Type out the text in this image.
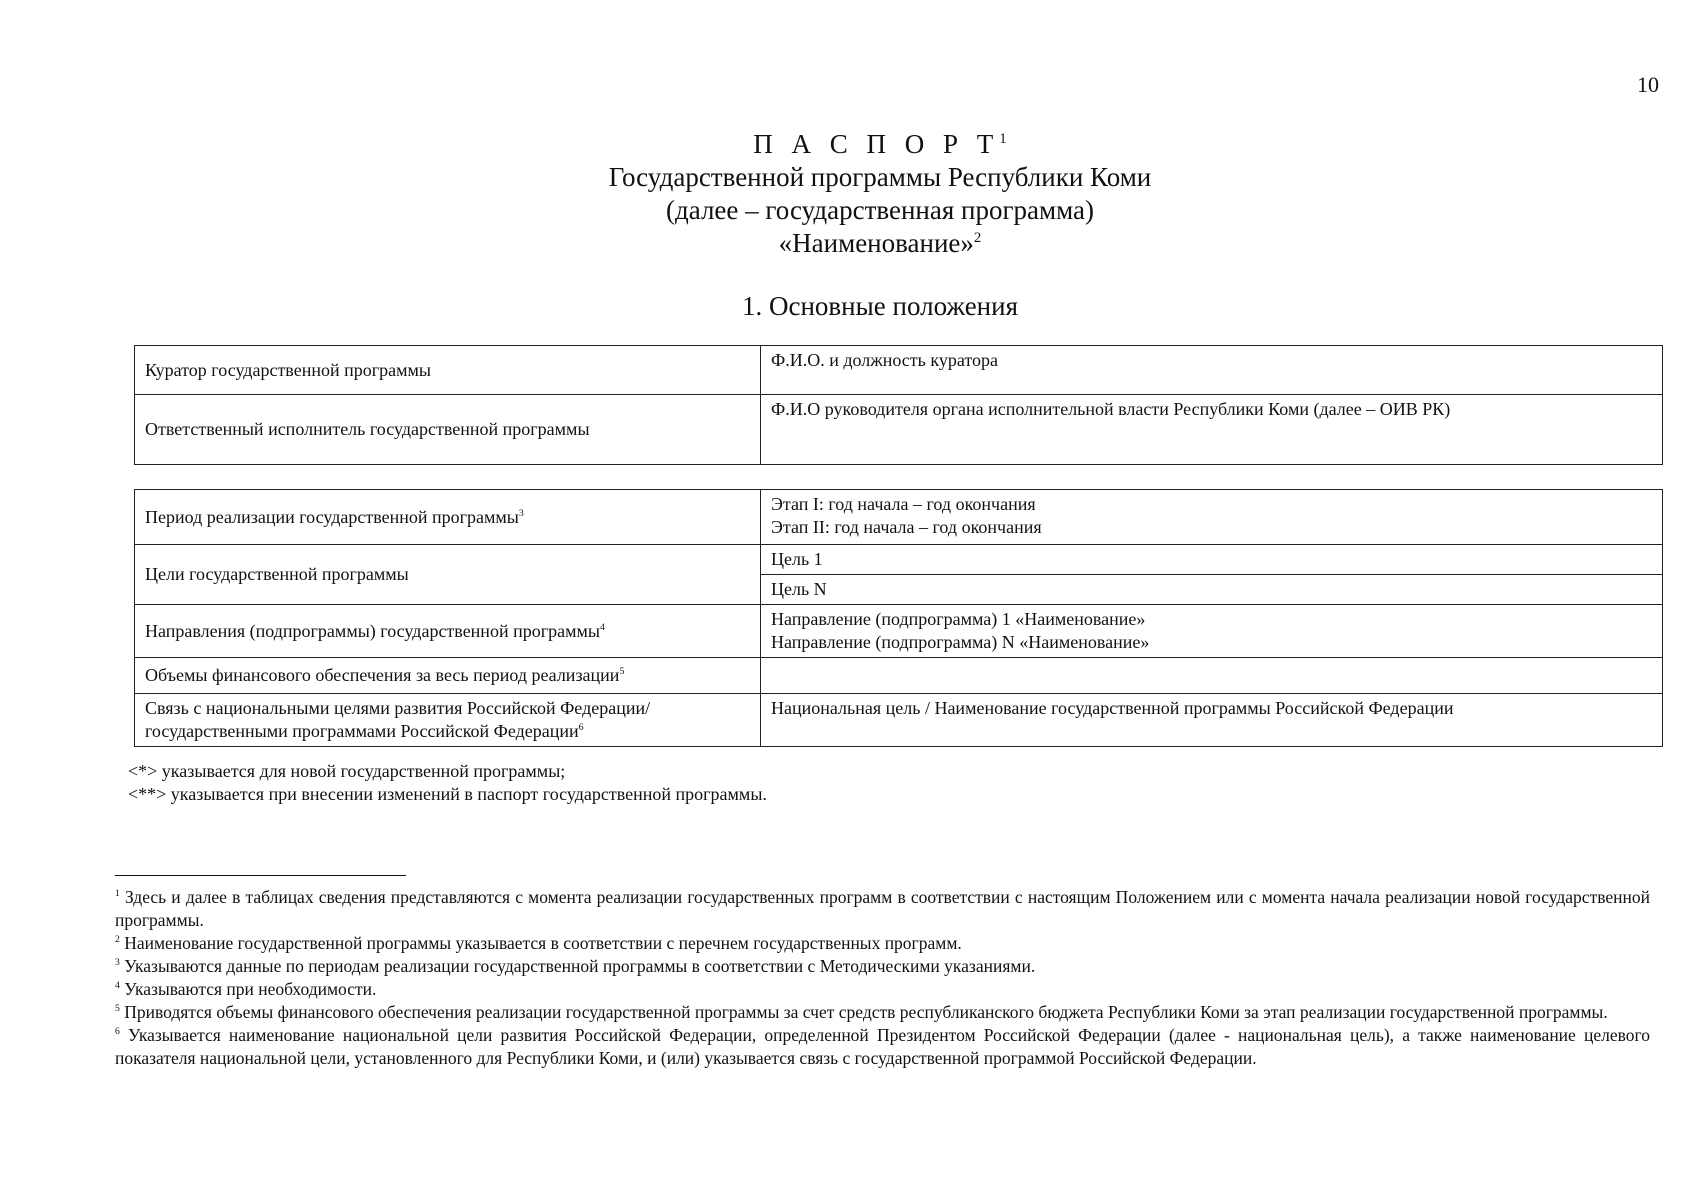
10
П А С П О Р $Т^1$
Государственной программы Республики Коми
(далее – государственная программа)
«Наименование»$^2$
1. Основные положения
Куратор государственной программы	Ф.И.О. и должность куратора
Ответственный исполнитель государственной программы	Ф.И.О руководителя органа исполнительной власти Республики Коми (далее – ОИВ РК)
Период реализации государственной программы$^3$	Этап I: год начала – год окончания
Этап II: год начала – год окончания

Цели государственной программы	Цель 1
	Цель N
Направления (подпрограммы) государственной программы$^4$	Направление (подпрограмма) 1 «Наименование»
Направление (подпрограмма) N «Наименование»

Объемы финансового обеспечения за весь период реализации$^5$	

Связь с национальными целями развития Российской Федерации/
государственными программами Российской Федерации$^6$	Национальная цель / Наименование государственной программы Российской Федерации
<*> указывается для новой государственной программы;
<**> указывается при внесении изменений в паспорт государственной программы.

$^1$ Здесь и далее в таблицах сведения представляются с момента реализации государственных программ в соответствии с настоящим Положением или с момента начала реализации новой государственной программы.

$^2$ Наименование государственной программы указывается в соответствии с перечнем государственных программ.

$^3$ Указываются данные по периодам реализации государственной программы в соответствии с Методическими указаниями.

$^4$ Указываются при необходимости.

$^5$ Приводятся объемы финансового обеспечения реализации государственной программы за счет средств республиканского бюджета Республики Коми за этап реализации государственной программы.

$^6$ Указывается наименование национальной цели развития Российской Федерации, определенной Президентом Российской Федерации (далее - национальная цель), а также наименование целевого показателя национальной цели, установленного для Республики Коми, и (или) указывается связь с государственной программой Российской Федерации.
